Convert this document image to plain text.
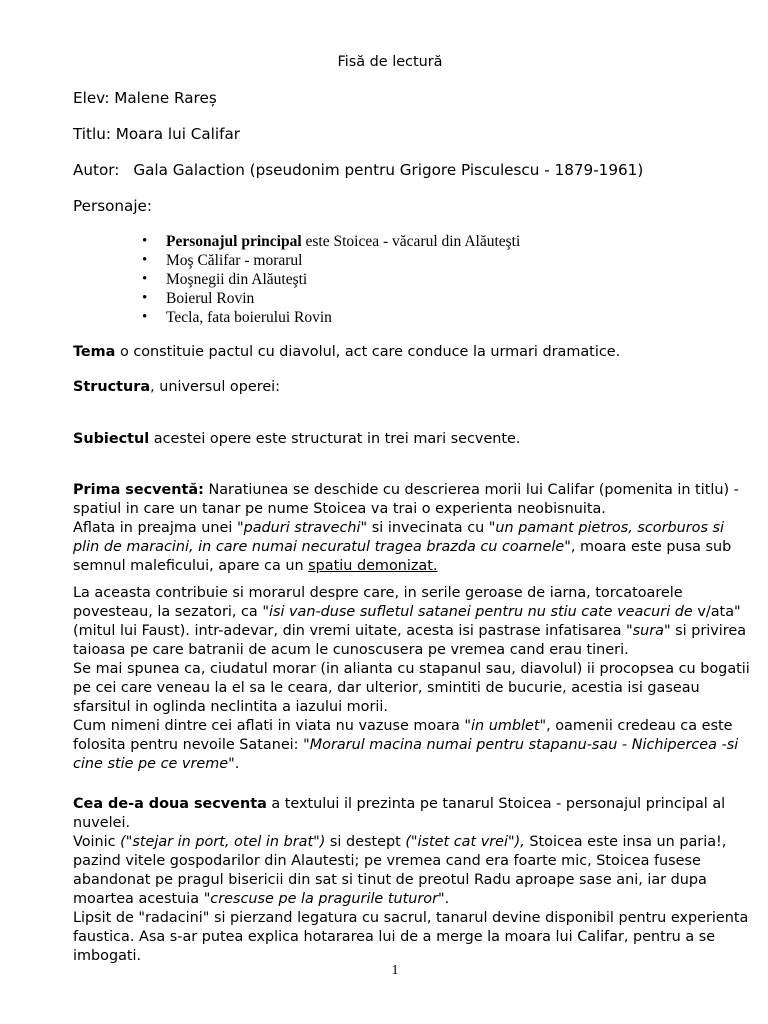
Fisă de lectură
Elev: Malene Rareș
Titlu: Moara lui Califar
Autor: Gala Galaction (pseudonim pentru Grigore Pisculescu - 1879-1961)
Personaje:
• Personajul principal este Stoicea - văcarul din Alăuteşti
• Moş Călifar - morarul
• Moşnegii din Alăuteşti
• Boierul Rovin
• Tecla, fata boierului Rovin
Tema o constituie pactul cu diavolul, act care conduce la urmari dramatice.
Structura, universul operei:
Subiectul acestei opere este structurat in trei mari secvente.
Prima secventă: Naratiunea se deschide cu descrierea morii lui Califar (pomenita in titlu) -
spatiul in care un tanar pe nume Stoicea va trai o experienta neobisnuita.
Aflata in preajma unei "paduri stravechi" si invecinata cu "un pamant pietros, scorburos si
plin de maracini, in care numai necuratul tragea brazda cu coarnele", moara este pusa sub
semnul maleficului, apare ca un spatiu demonizat.
La aceasta contribuie si morarul despre care, in serile geroase de iarna, torcatoarele
povesteau, la sezatori, ca "isi van-duse sufletul satanei pentru nu stiu cate veacuri de v/ata"
(mitul lui Faust). intr-adevar, din vremi uitate, acesta isi pastrase infatisarea "sura" si privirea
taioasa pe care batranii de acum le cunoscusera pe vremea cand erau tineri.
Se mai spunea ca, ciudatul morar (in alianta cu stapanul sau, diavolul) ii procopsea cu bogatii
pe cei care veneau la el sa le ceara, dar ulterior, smintiti de bucurie, acestia isi gaseau
sfarsitul in oglinda neclintita a iazului morii.
Cum nimeni dintre cei aflati in viata nu vazuse moara "in umblet", oamenii credeau ca este
folosita pentru nevoile Satanei: "Morarul macina numai pentru stapanu-sau - Nichipercea -si
cine stie pe ce vreme".
Cea de-a doua secventa a textului il prezinta pe tanarul Stoicea - personajul principal al
nuvelei.
Voinic ("stejar in port, otel in brat") si destept ("istet cat vrei"), Stoicea este insa un paria!,
pazind vitele gospodarilor din Alautesti; pe vremea cand era foarte mic, Stoicea fusese
abandonat pe pragul bisericii din sat si tinut de preotul Radu aproape sase ani, iar dupa
moartea acestuia "crescuse pe la pragurile tuturor".
Lipsit de "radacini" si pierzand legatura cu sacrul, tanarul devine disponibil pentru experienta
faustica. Asa s-ar putea explica hotararea lui de a merge la moara lui Califar, pentru a se
imbogati.
1
